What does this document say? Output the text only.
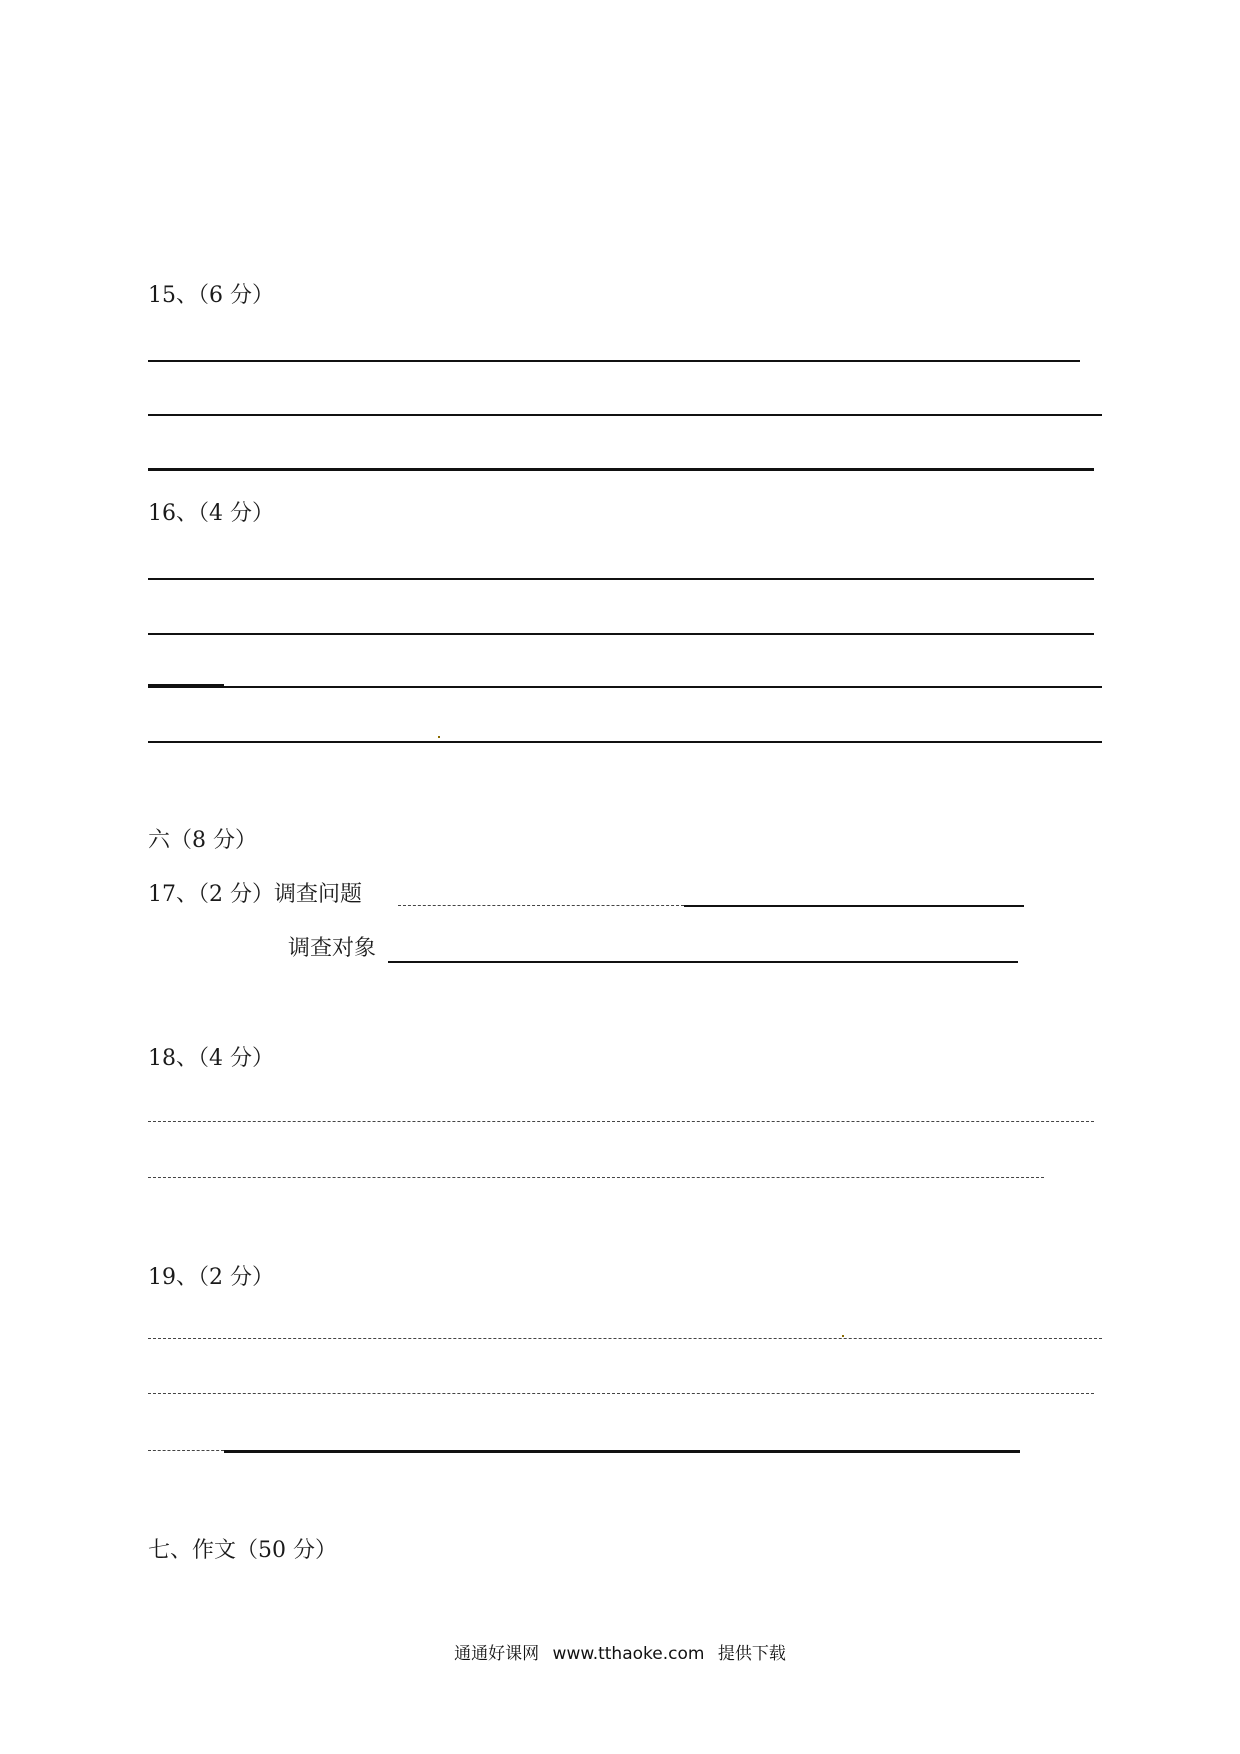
15、（6 分）
16、（4 分）
六（8 分）
17、（2 分）调查问题
调查对象
18、（4 分）
19、（2 分）
七、作文（50 分）
通通好课网 www.tthaoke.com 提供下载
